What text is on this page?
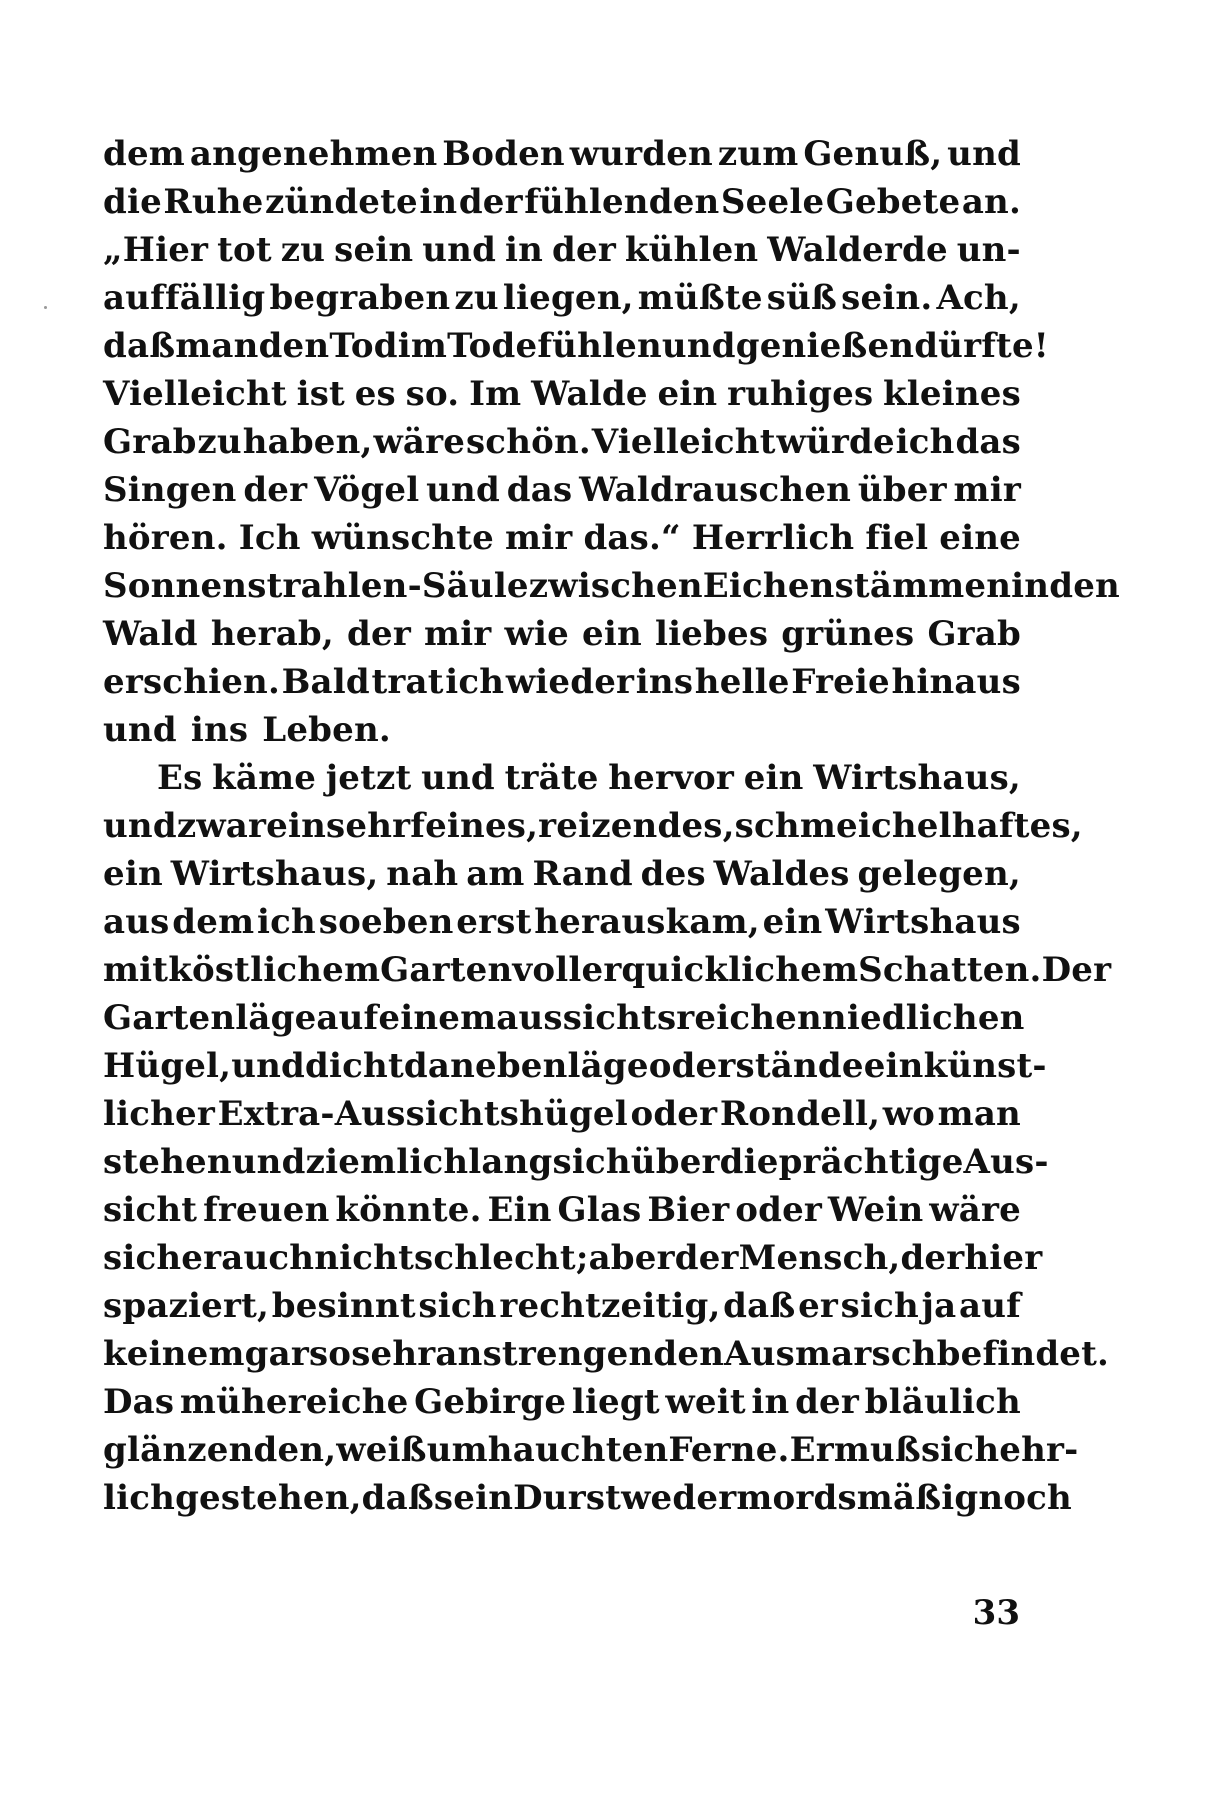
dem angenehmen Boden wurden zum Genuß, und
die Ruhe zündete in der fühlenden Seele Gebete an.
„Hier tot zu sein und in der kühlen Walderde un-
auffällig begraben zu liegen, müßte süß sein. Ach,
daß man den Tod im Tode fühlen und genießen dürfte!
Vielleicht ist es so. Im Walde ein ruhiges kleines
Grab zu haben, wäre schön. Vielleicht würde ich das
Singen der Vögel und das Waldrauschen über mir
hören. Ich wünschte mir das.“ Herrlich fiel eine
Sonnenstrahlen-Säule zwischen Eichenstämmen in den
Wald herab, der mir wie ein liebes grünes Grab
erschien. Bald trat ich wieder ins helle Freie hinaus
und ins Leben.
Es käme jetzt und träte hervor ein Wirtshaus,
und zwar ein sehr feines, reizendes, schmeichelhaftes,
ein Wirtshaus, nah am Rand des Waldes gelegen,
aus dem ich soeben erst herauskam, ein Wirtshaus
mit köstlichem Garten voll erquicklichem Schatten. Der
Garten läge auf einem aussichtsreichen niedlichen
Hügel, und dicht daneben läge oder stände ein künst-
licher Extra-Aussichtshügel oder Rondell, wo man
stehen und ziemlich lang sich über die prächtige Aus-
sicht freuen könnte. Ein Glas Bier oder Wein wäre
sicher auch nicht schlecht; aber der Mensch, der hier
spaziert, besinnt sich rechtzeitig, daß er sich ja auf
keinem gar so sehr anstrengenden Ausmarsch befindet.
Das mühereiche Gebirge liegt weit in der bläulich
glänzenden, weißumhauchten Ferne. Er muß sich ehr-
lich gestehen, daß sein Durst weder mordsmäßig noch
33
